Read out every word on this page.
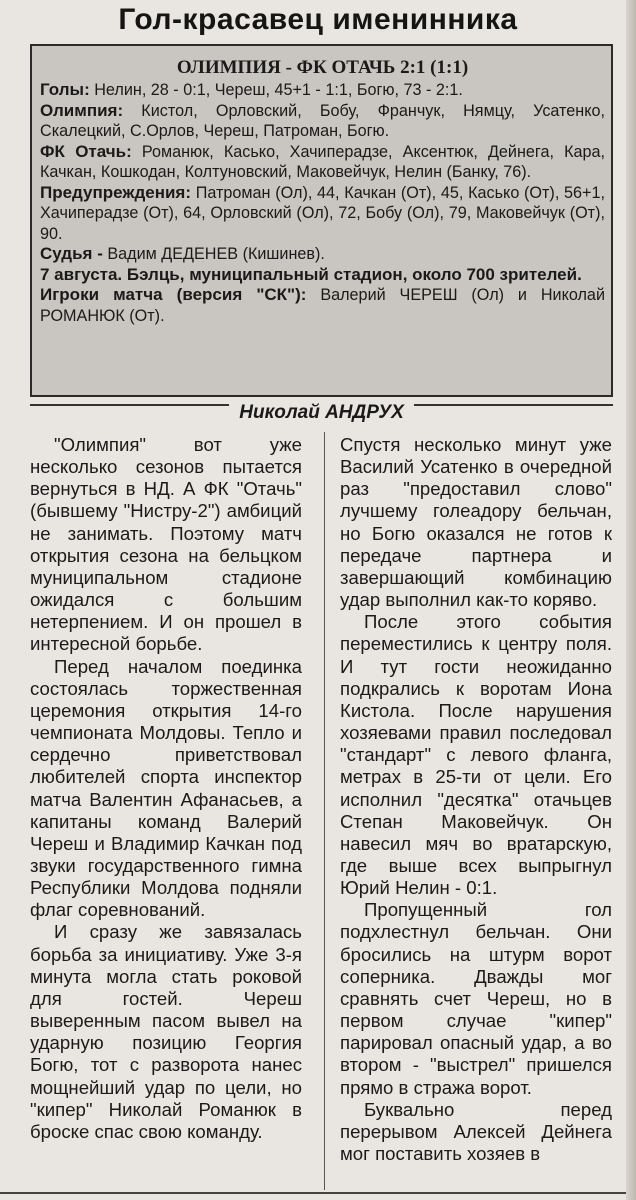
Гол-красавец именинника
ОЛИМПИЯ - ФК ОТАЧЬ 2:1 (1:1)

Голы: Нелин, 28 - 0:1, Череш, 45+1 - 1:1, Богю, 73 - 2:1.

Олимпия: Кистол, Орловский, Бобу, Франчук, Нямцу, Усатенко, Скалецкий, С.Орлов, Череш, Патроман, Богю.

ФК Отачь: Романюк, Касько, Хачиперадзе, Аксентюк, Дейнега, Кара, Качкан, Кошкодан, Колтуновский, Маковейчук, Нелин (Банку, 76).

Предупреждения: Патроман (Ол), 44, Качкан (От), 45, Касько (От), 56+1, Хачиперадзе (От), 64, Орловский (Ол), 72, Бобу (Ол), 79, Маковейчук (От), 90.

Судья - Вадим ДЕДЕНЕВ (Кишинев).

7 августа. Бэлць, муниципальный стадион, около 700 зрителей.

Игроки матча (версия "СК"): Валерий ЧЕРЕШ (Ол) и Николай РОМАНЮК (От).

Николай АНДРУХ

"Олимпия" вот уже несколько сезонов пытается вернуться в НД. А ФК "Отачь" (бывшему "Нистру-2") амбиций не занимать. Поэтому матч открытия сезона на бельцком муниципальном стадионе ожидался с большим нетерпением. И он прошел в интересной борьбе.

Перед началом поединка состоялась торжественная церемония открытия 14-го чемпионата Молдовы. Тепло и сердечно приветствовал любителей спорта инспектор матча Валентин Афанасьев, а капитаны команд Валерий Череш и Владимир Качкан под звуки государственного гимна Республики Молдова подняли флаг соревнований.

И сразу же завязалась борьба за инициативу. Уже 3-я минута могла стать роковой для гостей. Череш выверенным пасом вывел на ударную позицию Георгия Богю, тот с разворота нанес мощнейший удар по цели, но "кипер" Николай Романюк в броске спас свою команду.

Спустя несколько минут уже Василий Усатенко в очередной раз "предоставил слово" лучшему голеадору бельчан, но Богю оказался не готов к передаче партнера и завершающий комбинацию удар выполнил как-то коряво.

После этого события переместились к центру поля. И тут гости неожиданно подкрались к воротам Иона Кистола. После нарушения хозяевами правил последовал "стандарт" с левого фланга, метрах в 25-ти от цели. Его исполнил "десятка" отачьцев Степан Маковейчук. Он навесил мяч во вратарскую, где выше всех выпрыгнул Юрий Нелин - 0:1.

Пропущенный гол подхлестнул бельчан. Они бросились на штурм ворот соперника. Дважды мог сравнять счет Череш, но в первом случае "кипер" парировал опасный удар, а во втором - "выстрел" пришелся прямо в стража ворот.

Буквально перед перерывом Алексей Дейнега мог поставить хозяев в
